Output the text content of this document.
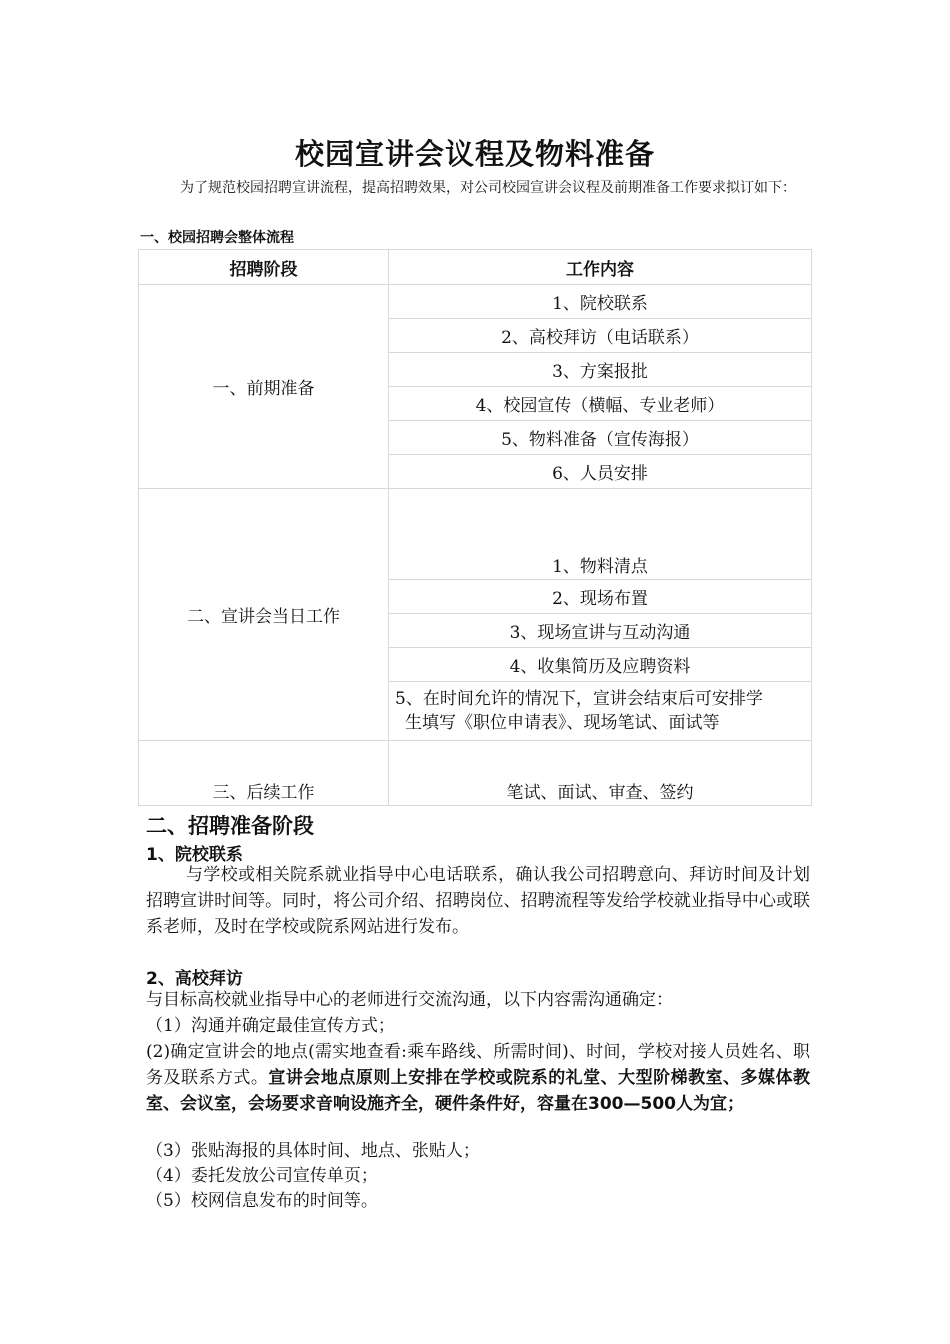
校园宣讲会议程及物料准备
为了规范校园招聘宣讲流程，提高招聘效果，对公司校园宣讲会议程及前期准备工作要求拟订如下：
一、校园招聘会整体流程
招聘阶段	工作内容
一、前期准备	1、院校联系
	2、高校拜访（电话联系）
	3、方案报批
	4、校园宣传（横幅、专业老师）
	5、物料准备（宣传海报）
	6、人员安排
二、宣讲会当日工作	1、物料清点
	2、现场布置
	3、现场宣讲与互动沟通
	4、收集简历及应聘资料
	5、在时间允许的情况下，宣讲会结束后可安排学
生填写《职位申请表》、现场笔试、面试等

三、后续工作	笔试、面试、审查、签约
二、招聘准备阶段
1、院校联系
与学校或相关院系就业指导中心电话联系，确认我公司招聘意向、拜访时间及计划招聘宣讲时间等。同时，将公司介绍、招聘岗位、招聘流程等发给学校就业指导中心或联系老师，及时在学校或院系网站进行发布。
2、高校拜访
与目标高校就业指导中心的老师进行交流沟通，以下内容需沟通确定：
（1）沟通并确定最佳宣传方式；
(2)确定宣讲会的地点(需实地查看:乘车路线、所需时间)、时间，学校对接人员姓名、职务及联系方式。宣讲会地点原则上安排在学校或院系的礼堂、大型阶梯教室、多媒体教室、会议室，会场要求音响设施齐全，硬件条件好，容量在300—500人为宜；
（3）张贴海报的具体时间、地点、张贴人；
（4）委托发放公司宣传单页；
（5）校网信息发布的时间等。
